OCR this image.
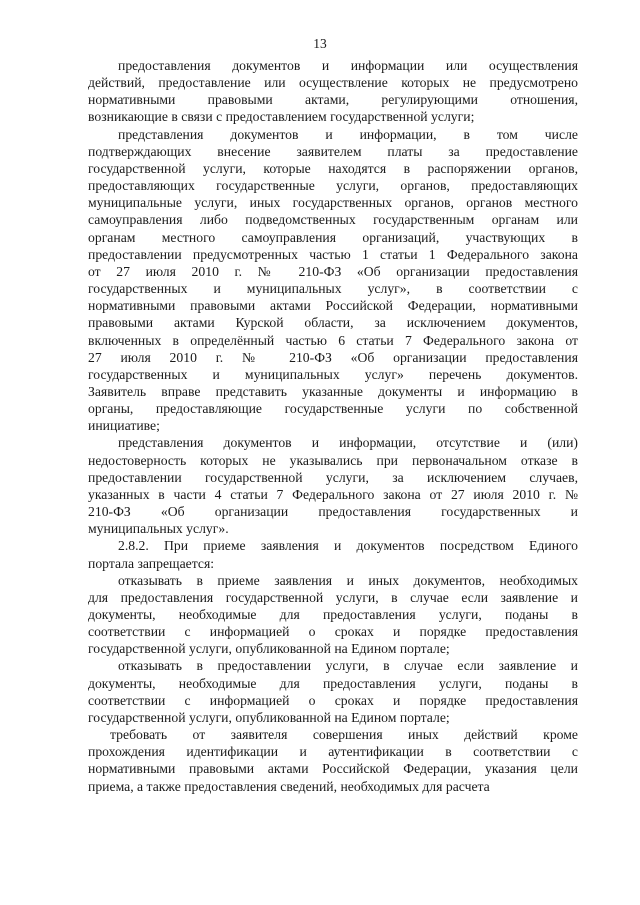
13
предоставления документов и информации или осуществления
действий, предоставление или осуществление которых не предусмотрено
нормативными правовыми актами, регулирующими отношения,
возникающие в связи с предоставлением государственной услуги;
представления документов и информации, в том числе
подтверждающих внесение заявителем платы за предоставление
государственной услуги, которые находятся в распоряжении органов,
предоставляющих государственные услуги, органов, предоставляющих
муниципальные услуги, иных государственных органов, органов местного
самоуправления либо подведомственных государственным органам или
органам местного самоуправления организаций, участвующих в
предоставлении предусмотренных частью 1 статьи 1 Федерального закона
от 27 июля 2010 г. № 210-ФЗ «Об организации предоставления
государственных и муниципальных услуг», в соответствии с
нормативными правовыми актами Российской Федерации, нормативными
правовыми актами Курской области, за исключением документов,
включенных в определённый частью 6 статьи 7 Федерального закона от
27 июля 2010 г. № 210-ФЗ «Об организации предоставления
государственных и муниципальных услуг» перечень документов.
Заявитель вправе представить указанные документы и информацию в
органы, предоставляющие государственные услуги по собственной
инициативе;
представления документов и информации, отсутствие и (или)
недостоверность которых не указывались при первоначальном отказе в
предоставлении государственной услуги, за исключением случаев,
указанных в части 4 статьи 7 Федерального закона от 27 июля 2010 г. №
210-ФЗ «Об организации предоставления государственных и
муниципальных услуг».
2.8.2. При приеме заявления и документов посредством Единого
портала запрещается:
отказывать в приеме заявления и иных документов, необходимых
для предоставления государственной услуги, в случае если заявление и
документы, необходимые для предоставления услуги, поданы в
соответствии с информацией о сроках и порядке предоставления
государственной услуги, опубликованной на Едином портале;
отказывать в предоставлении услуги, в случае если заявление и
документы, необходимые для предоставления услуги, поданы в
соответствии с информацией о сроках и порядке предоставления
государственной услуги, опубликованной на Едином портале;
требовать от заявителя совершения иных действий кроме
прохождения идентификации и аутентификации в соответствии с
нормативными правовыми актами Российской Федерации, указания цели
приема, а также предоставления сведений, необходимых для расчета
